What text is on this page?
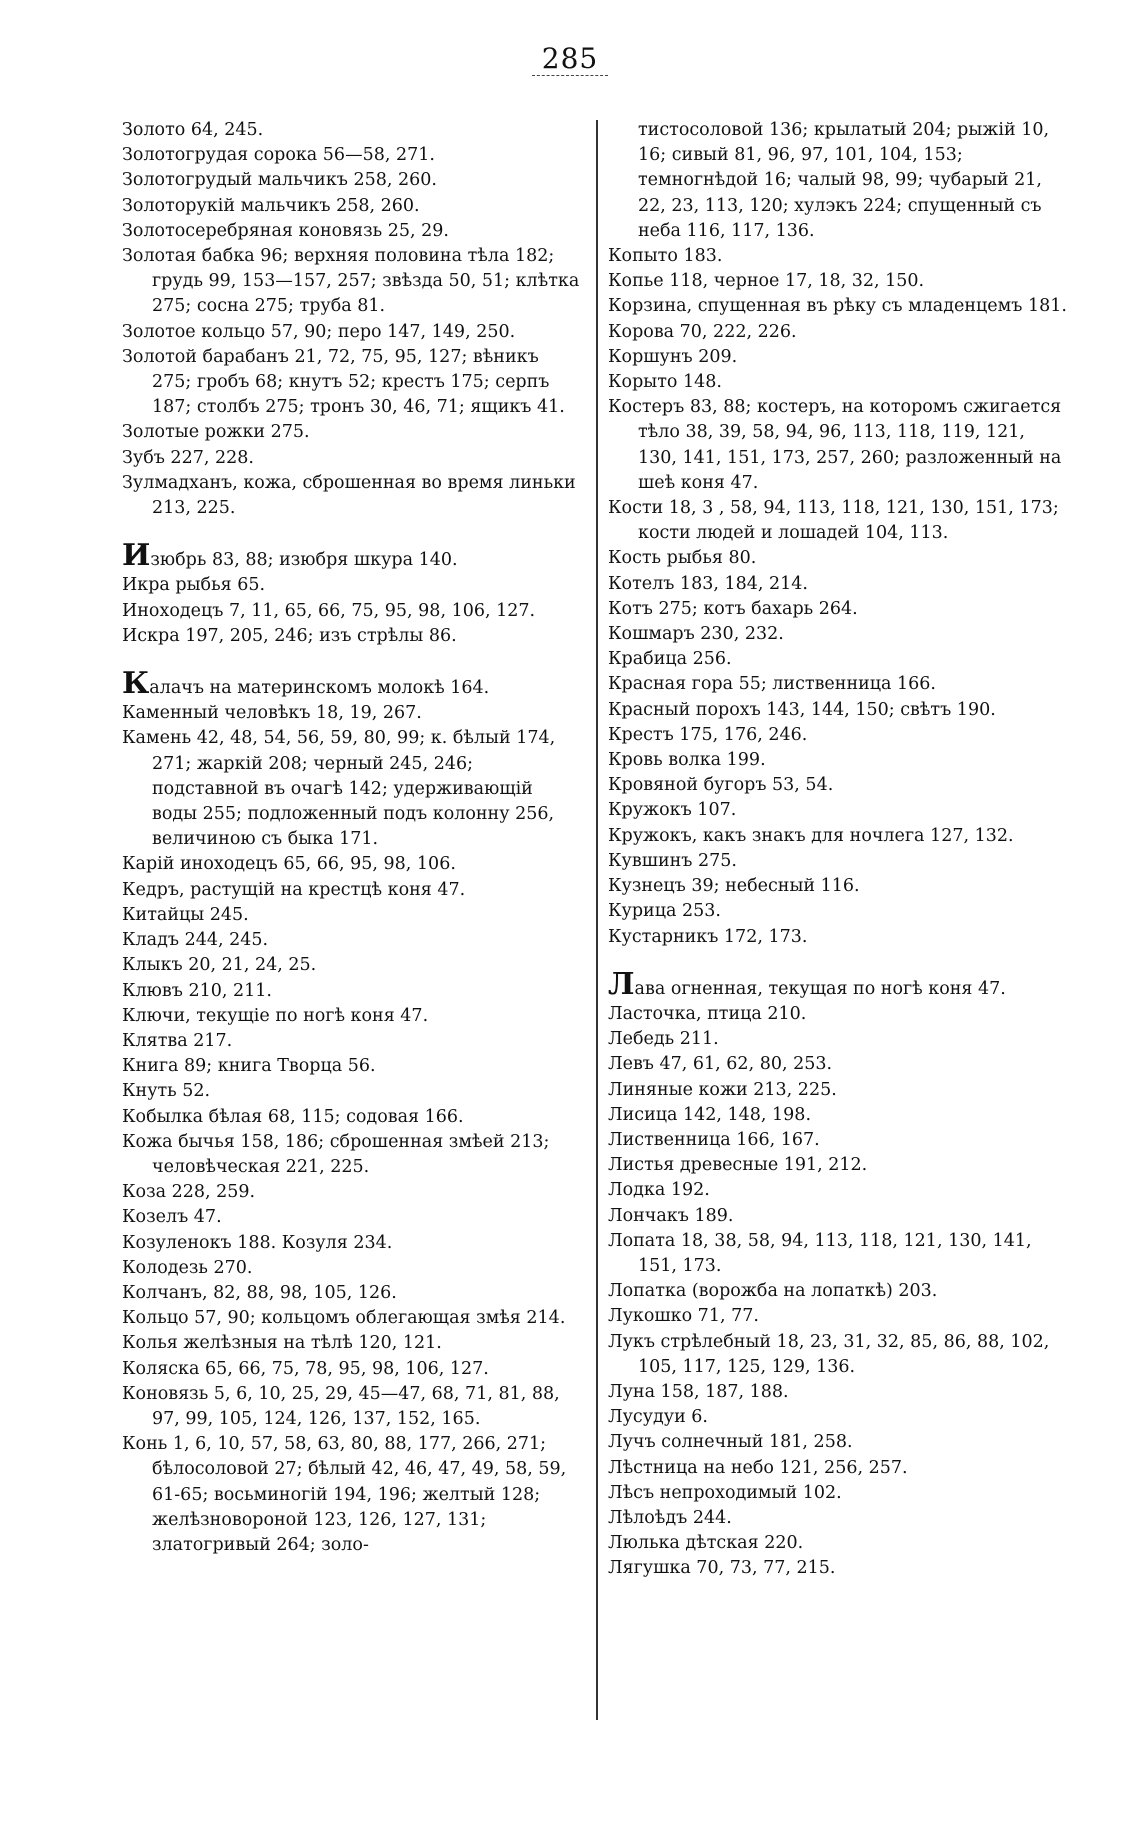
285
Золото 64, 245.
Золотогрудая сорока 56—58, 271.
Золотогрудый мальчикъ 258, 260.
Золоторукій мальчикъ 258, 260.
Золотосеребряная коновязь 25, 29.
Золотая бабка 96; верхняя половина тѣла 182; грудь 99, 153—157, 257; звѣзда 50, 51; клѣтка 275; сосна 275; труба 81.
Золотое кольцо 57, 90; перо 147, 149, 250.
Золотой барабанъ 21, 72, 75, 95, 127; вѣникъ 275; гробъ 68; кнутъ 52; крестъ 175; серпъ 187; столбъ 275; тронъ 30, 46, 71; ящикъ 41.
Золотые рожки 275.
Зубъ 227, 228.
Зулмадханъ, кожа, сброшенная во время линьки 213, 225.
Изюбрь 83, 88; изюбря шкура 140.
Икра рыбья 65.
Иноходецъ 7, 11, 65, 66, 75, 95, 98, 106, 127.
Искра 197, 205, 246; изъ стрѣлы 86.
Калачъ на материнскомъ молокѣ 164.
Каменный человѣкъ 18, 19, 267.
Камень 42, 48, 54, 56, 59, 80, 99; к. бѣлый 174, 271; жаркій 208; черный 245, 246; подставной въ очагѣ 142; удерживающій воды 255; подложенный подъ колонну 256, величиною съ быка 171.
Карій иноходецъ 65, 66, 95, 98, 106.
Кедръ, растущій на крестцѣ коня 47.
Китайцы 245.
Кладъ 244, 245.
Клыкъ 20, 21, 24, 25.
Клювъ 210, 211.
Ключи, текущіе по ногѣ коня 47.
Клятва 217.
Книга 89; книга Творца 56.
Кнуть 52.
Кобылка бѣлая 68, 115; содовая 166.
Кожа бычья 158, 186; сброшенная змѣей 213; человѣческая 221, 225.
Коза 228, 259.
Козелъ 47.
Козуленокъ 188. Козуля 234.
Колодезь 270.
Колчанъ, 82, 88, 98, 105, 126.
Кольцо 57, 90; кольцомъ облегающая змѣя 214.
Колья желѣзныя на тѣлѣ 120, 121.
Коляска 65, 66, 75, 78, 95, 98, 106, 127.
Коновязь 5, 6, 10, 25, 29, 45—47, 68, 71, 81, 88, 97, 99, 105, 124, 126, 137, 152, 165.
Конь 1, 6, 10, 57, 58, 63, 80, 88, 177, 266, 271; бѣлосоловой 27; бѣлый 42, 46, 47, 49, 58, 59, 61-65; восьминогій 194, 196; желтый 128; желѣзновороной 123, 126, 127, 131; златогривый 264; золо-
тистосоловой 136; крылатый 204; рыжій 10, 16; сивый 81, 96, 97, 101, 104, 153; темногнѣдой 16; чалый 98, 99; чубарый 21, 22, 23, 113, 120; хулэкъ 224; спущенный съ неба 116, 117, 136.
Копыто 183.
Копье 118, черное 17, 18, 32, 150.
Корзина, спущенная въ рѣку съ младенцемъ 181.
Корова 70, 222, 226.
Коршунъ 209.
Корыто 148.
Костеръ 83, 88; костеръ, на которомъ сжигается тѣло 38, 39, 58, 94, 96, 113, 118, 119, 121, 130, 141, 151, 173, 257, 260; разложенный на шеѣ коня 47.
Кости 18, 3 , 58, 94, 113, 118, 121, 130, 151, 173; кости людей и лошадей 104, 113.
Кость рыбья 80.
Котелъ 183, 184, 214.
Котъ 275; котъ бахарь 264.
Кошмаръ 230, 232.
Крабица 256.
Красная гора 55; лиственница 166.
Красный порохъ 143, 144, 150; свѣтъ 190.
Крестъ 175, 176, 246.
Кровь волка 199.
Кровяной бугоръ 53, 54.
Кружокъ 107.
Кружокъ, какъ знакъ для ночлега 127, 132.
Кувшинъ 275.
Кузнецъ 39; небесный 116.
Курица 253.
Кустарникъ 172, 173.
Лава огненная, текущая по ногѣ коня 47.
Ласточка, птица 210.
Лебедь 211.
Левъ 47, 61, 62, 80, 253.
Линяные кожи 213, 225.
Лисица 142, 148, 198.
Лиственница 166, 167.
Листья древесные 191, 212.
Лодка 192.
Лончакъ 189.
Лопата 18, 38, 58, 94, 113, 118, 121, 130, 141, 151, 173.
Лопатка (ворожба на лопаткѣ) 203.
Лукошко 71, 77.
Лукъ стрѣлебный 18, 23, 31, 32, 85, 86, 88, 102, 105, 117, 125, 129, 136.
Луна 158, 187, 188.
Лусудуи 6.
Лучъ солнечный 181, 258.
Лѣстница на небо 121, 256, 257.
Лѣсъ непроходимый 102.
Лѣлоѣдъ 244.
Люлька дѣтская 220.
Лягушка 70, 73, 77, 215.
